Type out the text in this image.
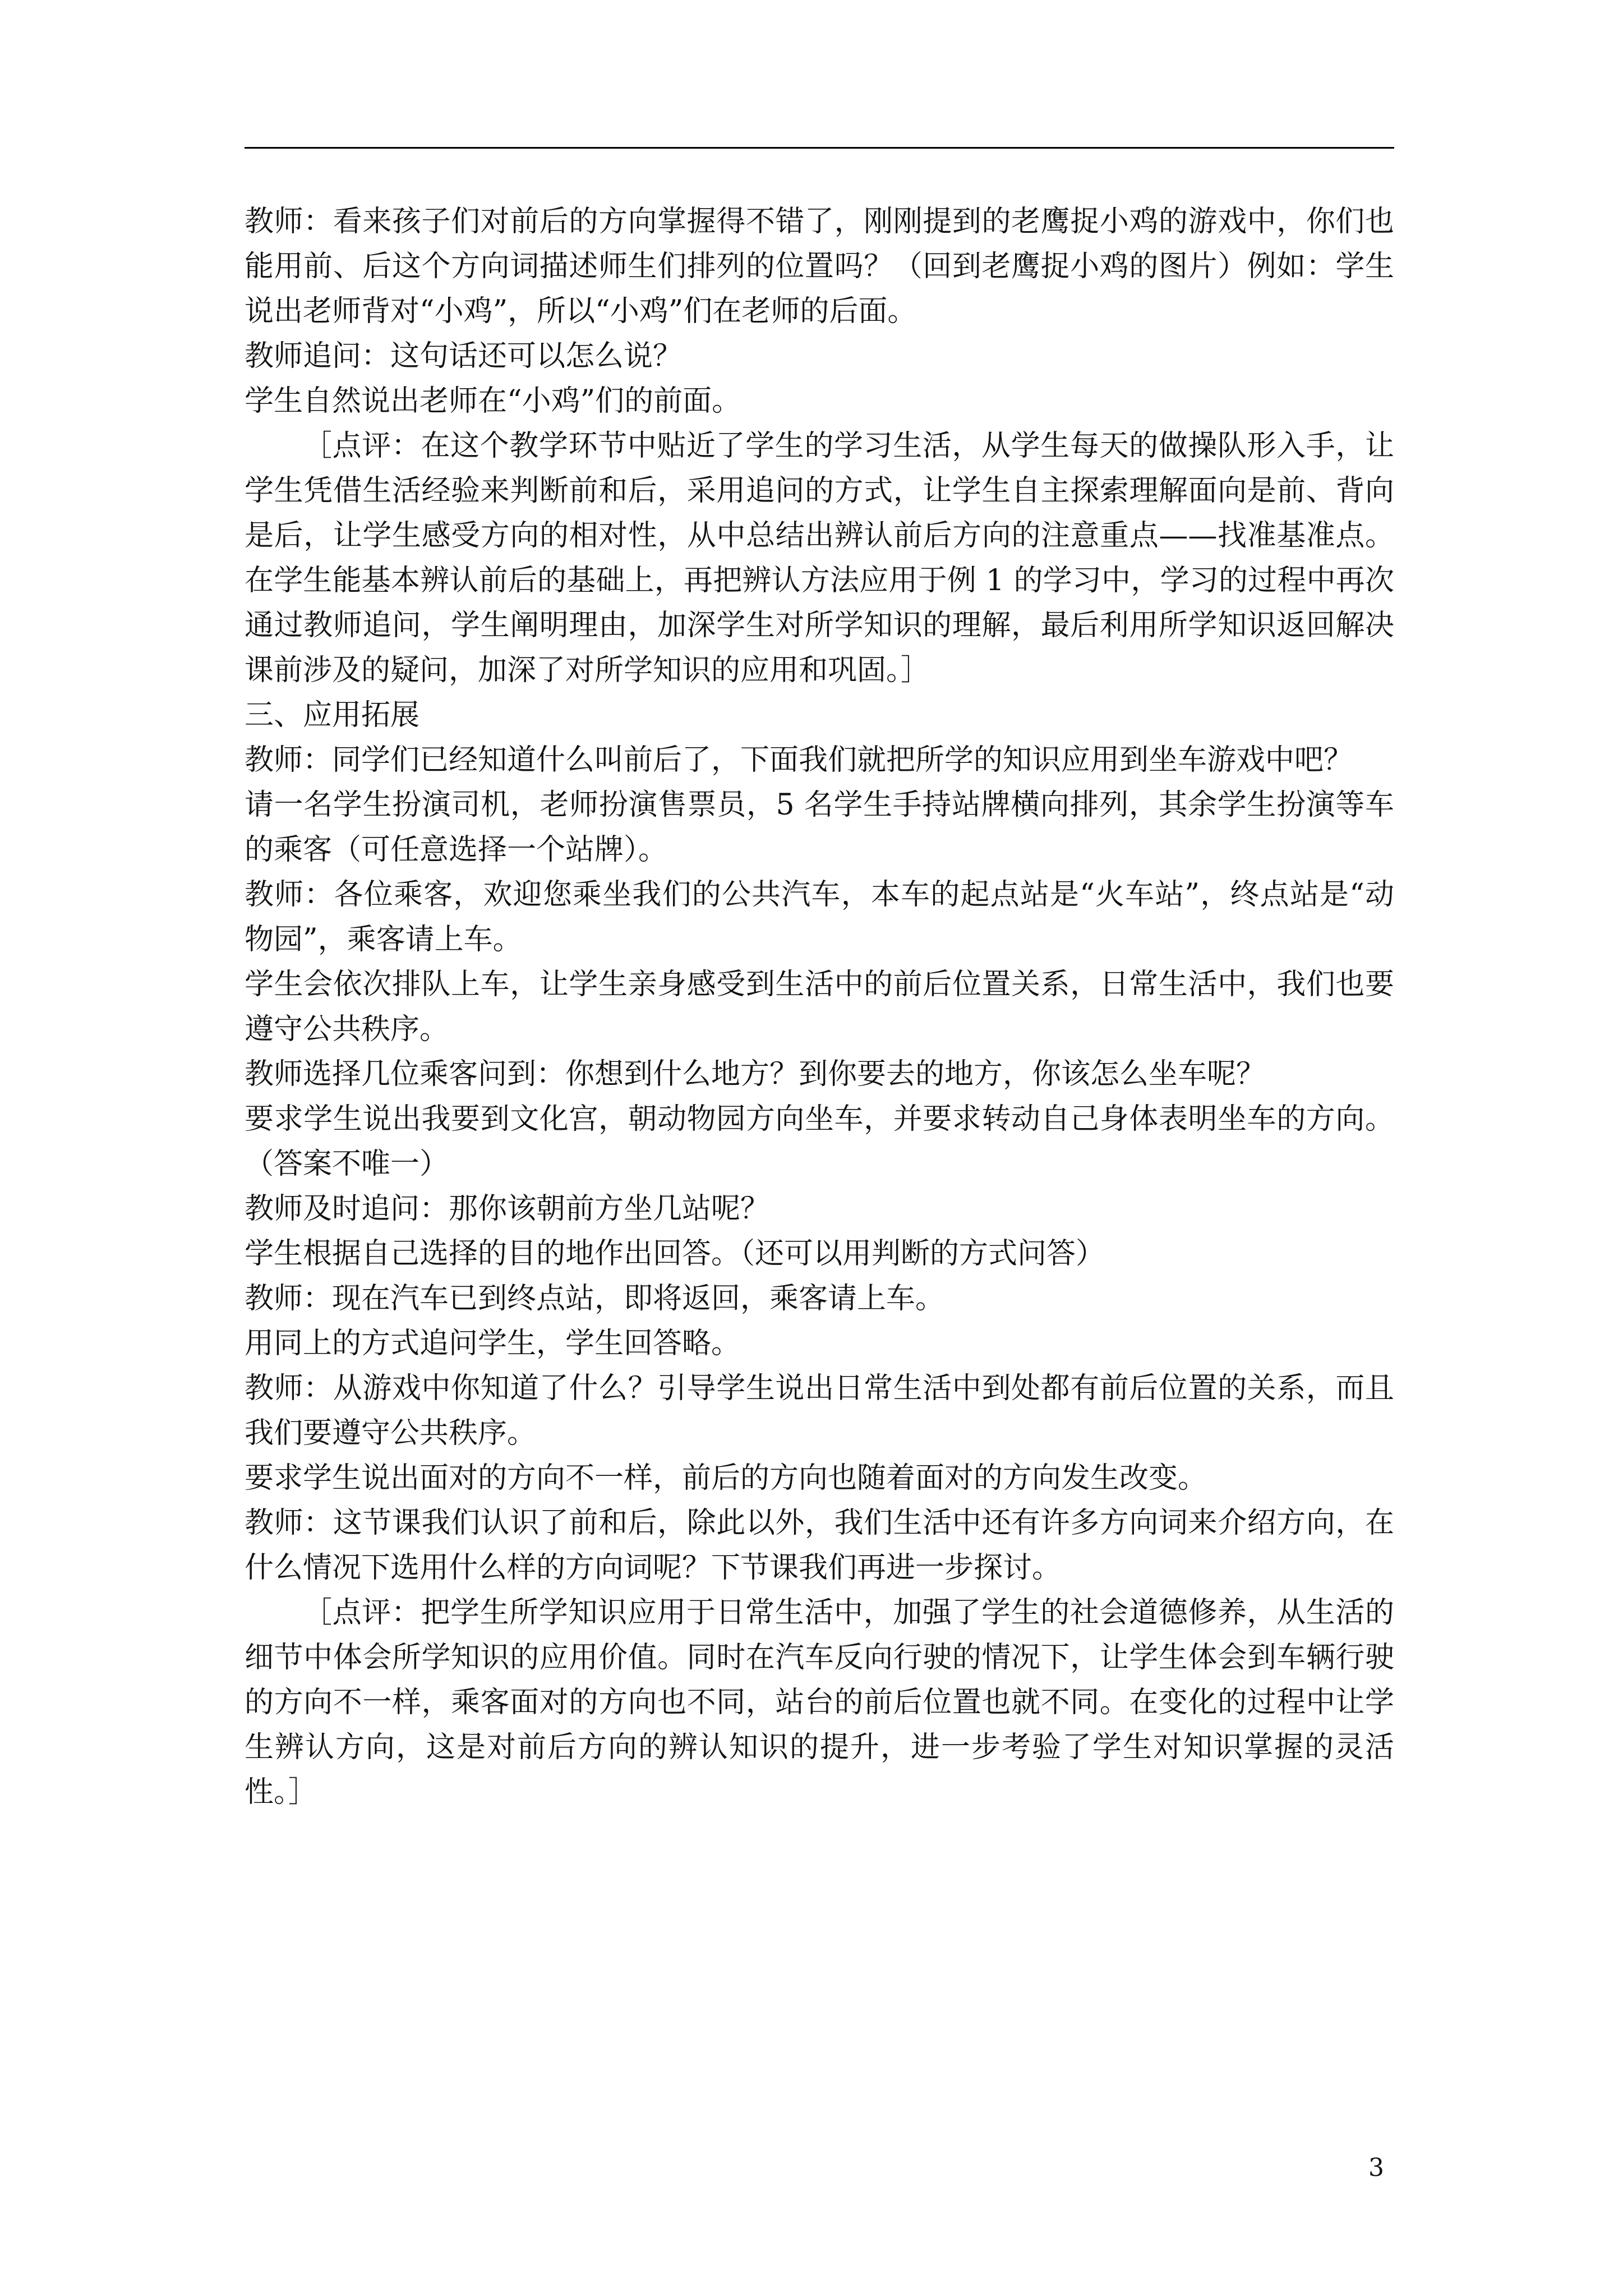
教师：看来孩子们对前后的方向掌握得不错了，刚刚提到的老鹰捉小鸡的游戏中，你们也能用前、后这个方向词描述师生们排列的位置吗？（回到老鹰捉小鸡的图片）例如：学生说出老师背对“小鸡”，所以“小鸡”们在老师的后面。

教师追问：这句话还可以怎么说？

学生自然说出老师在“小鸡”们的前面。

［点评：在这个教学环节中贴近了学生的学习生活，从学生每天的做操队形入手，让学生凭借生活经验来判断前和后，采用追问的方式，让学生自主探索理解面向是前、背向是后，让学生感受方向的相对性，从中总结出辨认前后方向的注意重点——找准基准点。在学生能基本辨认前后的基础上，再把辨认方法应用于例 1 的学习中，学习的过程中再次通过教师追问，学生阐明理由，加深学生对所学知识的理解，最后利用所学知识返回解决课前涉及的疑问，加深了对所学知识的应用和巩固。］

三、应用拓展

教师：同学们已经知道什么叫前后了，下面我们就把所学的知识应用到坐车游戏中吧？

请一名学生扮演司机，老师扮演售票员，5 名学生手持站牌横向排列，其余学生扮演等车的乘客（可任意选择一个站牌）。

教师：各位乘客，欢迎您乘坐我们的公共汽车，本车的起点站是“火车站”，终点站是“动物园”，乘客请上车。

学生会依次排队上车，让学生亲身感受到生活中的前后位置关系，日常生活中，我们也要遵守公共秩序。

教师选择几位乘客问到：你想到什么地方？到你要去的地方，你该怎么坐车呢？

要求学生说出我要到文化宫，朝动物园方向坐车，并要求转动自己身体表明坐车的方向。（答案不唯一）

教师及时追问：那你该朝前方坐几站呢？

学生根据自己选择的目的地作出回答。（还可以用判断的方式问答）

教师：现在汽车已到终点站，即将返回，乘客请上车。

用同上的方式追问学生，学生回答略。

教师：从游戏中你知道了什么？引导学生说出日常生活中到处都有前后位置的关系，而且我们要遵守公共秩序。

要求学生说出面对的方向不一样，前后的方向也随着面对的方向发生改变。

教师：这节课我们认识了前和后，除此以外，我们生活中还有许多方向词来介绍方向，在什么情况下选用什么样的方向词呢？下节课我们再进一步探讨。

［点评：把学生所学知识应用于日常生活中，加强了学生的社会道德修养，从生活的细节中体会所学知识的应用价值。同时在汽车反向行驶的情况下，让学生体会到车辆行驶的方向不一样，乘客面对的方向也不同，站台的前后位置也就不同。在变化的过程中让学生辨认方向，这是对前后方向的辨认知识的提升，进一步考验了学生对知识掌握的灵活性。］

3
